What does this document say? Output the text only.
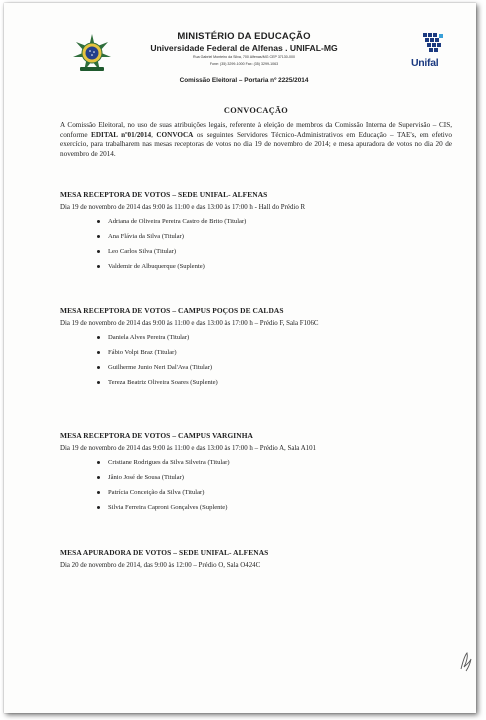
MINISTÉRIO DA EDUCAÇÃO
Universidade Federal de Alfenas . UNIFAL-MG
Rua Gabriel Monteiro da Silva, 700 Alfenas/MG CEP 37130-000
Fone: (35) 3299-1000 Fax: (35) 3299-1063
Comissão Eleitoral – Portaria nº 2225/2014
Unifal
CONVOCAÇÃO

A Comissão Eleitoral, no uso de suas atribuições legais, referente à eleição de membros da Comissão Interna de Supervisão – CIS, conforme EDITAL nº01/2014, CONVOCA os seguintes Servidores Técnico-Administrativos em Educação – TAE's, em efetivo exercício, para trabalharem nas mesas receptoras de votos no dia 19 de novembro de 2014; e mesa apuradora de votos no dia 20 de novembro de 2014.

MESA RECEPTORA DE VOTOS – SEDE UNIFAL- ALFENAS

Dia 19 de novembro de 2014 das 9:00 às 11:00 e das 13:00 às 17:00 h - Hall do Prédio R

Adriana de Oliveira Pereira Castro de Brito (Titular)
Ana Flávia da Silva (Titular)
Leo Carlos Silva (Titular)
Valdemir de Albuquerque (Suplente)

MESA RECEPTORA DE VOTOS – CAMPUS POÇOS DE CALDAS

Dia 19 de novembro de 2014 das 9:00 às 11:00 e das 13:00 às 17:00 h – Prédio F, Sala F106C

Daniela Alves Pereira (Titular)
Fábio Volpi Braz (Titular)
Guilherme Junio Neri Dal'Ava (Titular)
Tereza Beatriz Oliveira Soares (Suplente)

MESA RECEPTORA DE VOTOS – CAMPUS VARGINHA

Dia 19 de novembro de 2014 das 9:00 às 11:00 e das 13:00 às 17:00 h – Prédio A, Sala A101

Cristiane Rodrigues da Silva Silveira (Titular)
Jânio José de Sousa (Titular)
Patrícia Conceição da Silva (Titular)
Silvia Ferreira Caproni Gonçalves (Suplente)

MESA APURADORA DE VOTOS – SEDE UNIFAL- ALFENAS

Dia 20 de novembro de 2014, das 9:00 às 12:00 – Prédio O, Sala O424C
